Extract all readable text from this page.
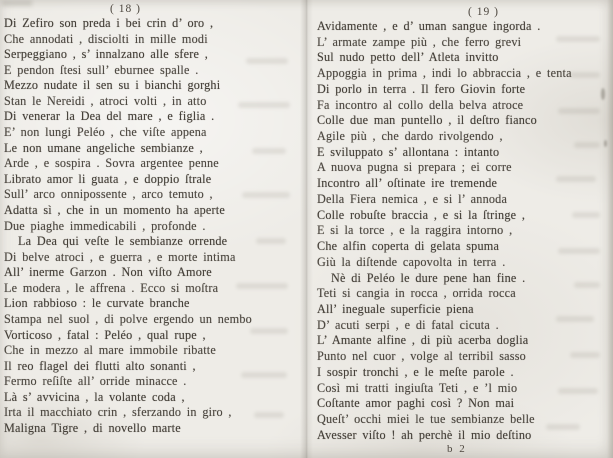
( 18 )
Di Zefiro son preda i bei crin d’ oro ,
Che annodati , disciolti in mille modi
Serpeggiano , s’ innalzano alle sfere ,
E pendon ſtesi sull’ eburnee spalle .
Mezzo nudate il sen su i bianchi gorghi
Stan le Nereidi , atroci volti , in atto
Di venerar la Dea del mare , e figlia .
E’ non lungi Peléo , che viſte appena
Le non umane angeliche sembianze ,
Arde , e sospira . Sovra argentee penne
Librato amor li guata , e doppio ſtrale
Sull’ arco onnipossente , arco temuto ,
Adatta sì , che in un momento ha aperte
Due piaghe immedicabili , profonde .
La Dea qui veſte le sembianze orrende
Di belve atroci , e guerra , e morte intima
All’ inerme Garzon . Non viſto Amore
Le modera , le affrena . Ecco si moſtra
Lion rabbioso : le curvate branche
Stampa nel suol , di polve ergendo un nembo
Vorticoso , fatal : Peléo , qual rupe ,
Che in mezzo al mare immobile ribatte
Il reo flagel dei flutti alto sonanti ,
Fermo reſiſte all’ orride minacce .
Là s’ avvicina , la volante coda ,
Irta il macchiato crin , sferzando in giro ,
Maligna Tigre , di novello marte
( 19 )
Avidamente , e d’ uman sangue ingorda .
L’ armate zampe più , che ferro grevi
Sul nudo petto dell’ Atleta invitto
Appoggia in prima , indi lo abbraccia , e tenta
Di porlo in terra . Il fero Giovin forte
Fa incontro al collo della belva atroce
Colle due man puntello , il deſtro fianco
Agile più , che dardo rivolgendo ,
E sviluppato s’ allontana : intanto
A nuova pugna si prepara ; ei corre
Incontro all’ oſtinate ire tremende
Della Fiera nemica , e si l’ annoda
Colle robuſte braccia , e si la ſtringe ,
E si la torce , e la raggira intorno ,
Che alfin coperta di gelata spuma
Giù la diſtende capovolta in terra .
Nè di Peléo le dure pene han fine .
Teti si cangia in rocca , orrida rocca
All’ ineguale superficie piena
D’ acuti serpi , e di fatal cicuta .
L’ Amante alfine , di più acerba doglia
Punto nel cuor , volge al terribil sasso
I sospir tronchi , e le meſte parole .
Così mi tratti ingiuſta Teti , e ’l mio
Coſtante amor paghi così ? Non mai
Queſt’ occhi miei le tue sembianze belle
Avesser viſto ! ah perchè il mio deſtino
b 2
